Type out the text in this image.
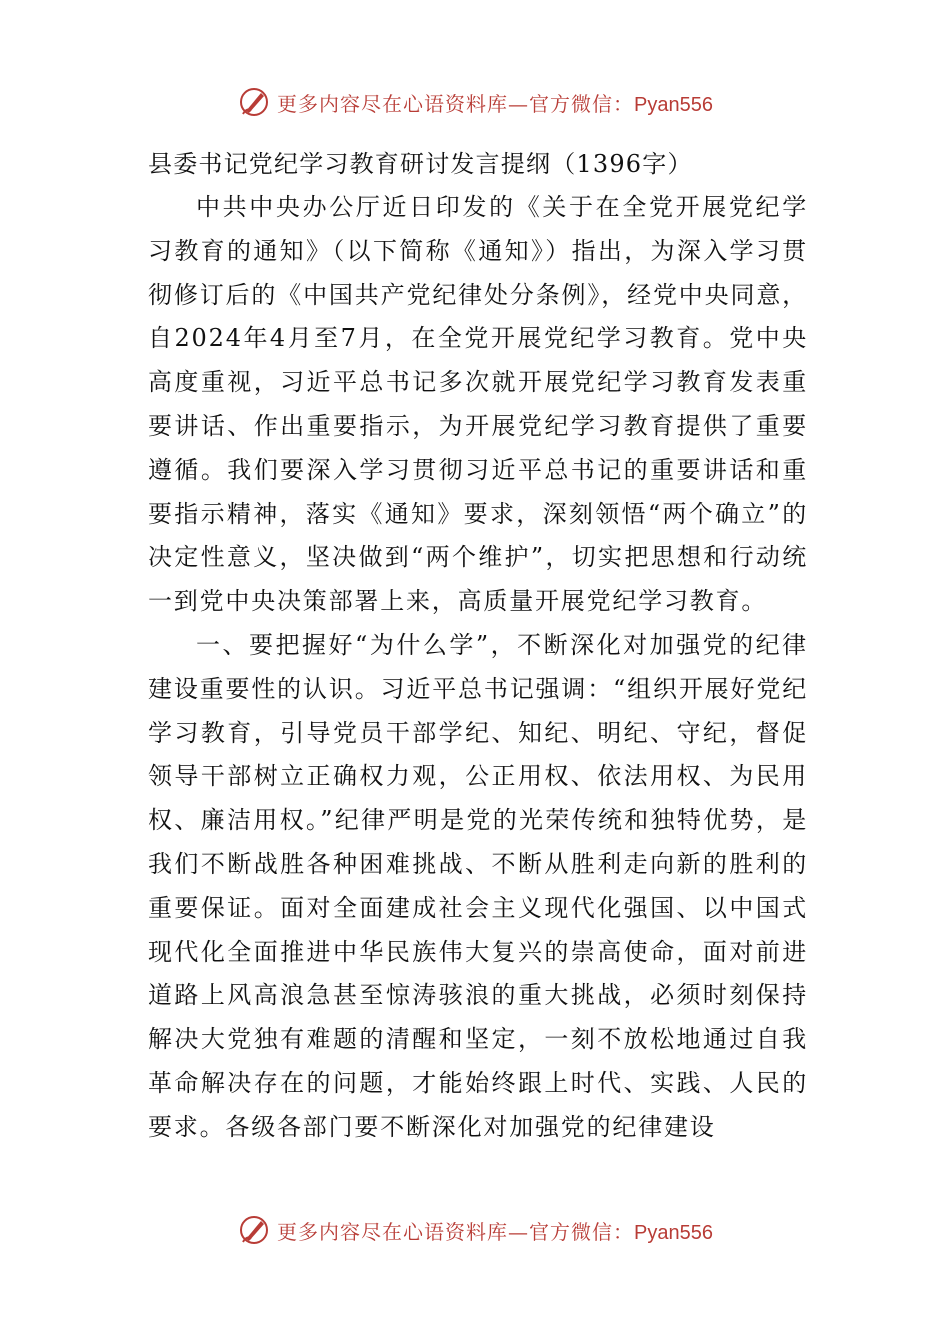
更多内容尽在心语资料库—官方微信：Pyan556

县委书记党纪学习教育研讨发言提纲（1396字）

中共中央办公厅近日印发的《关于在全党开展党纪学习教育的通知》（以下简称《通知》）指出，为深入学习贯彻修订后的《中国共产党纪律处分条例》，经党中央同意，自2024年4月至7月，在全党开展党纪学习教育。党中央高度重视，习近平总书记多次就开展党纪学习教育发表重要讲话、作出重要指示，为开展党纪学习教育提供了重要遵循。我们要深入学习贯彻习近平总书记的重要讲话和重要指示精神，落实《通知》要求，深刻领悟“两个确立”的决定性意义，坚决做到“两个维护”，切实把思想和行动统一到党中央决策部署上来，高质量开展党纪学习教育。

一、要把握好“为什么学”，不断深化对加强党的纪律建设重要性的认识。习近平总书记强调：“组织开展好党纪学习教育，引导党员干部学纪、知纪、明纪、守纪，督促领导干部树立正确权力观，公正用权、依法用权、为民用权、廉洁用权。”纪律严明是党的光荣传统和独特优势，是我们不断战胜各种困难挑战、不断从胜利走向新的胜利的重要保证。面对全面建成社会主义现代化强国、以中国式现代化全面推进中华民族伟大复兴的崇高使命，面对前进道路上风高浪急甚至惊涛骇浪的重大挑战，必须时刻保持解决大党独有难题的清醒和坚定，一刻不放松地通过自我革命解决存在的问题，才能始终跟上时代、实践、人民的要求。各级各部门要不断深化对加强党的纪律建设

更多内容尽在心语资料库—官方微信：Pyan556
